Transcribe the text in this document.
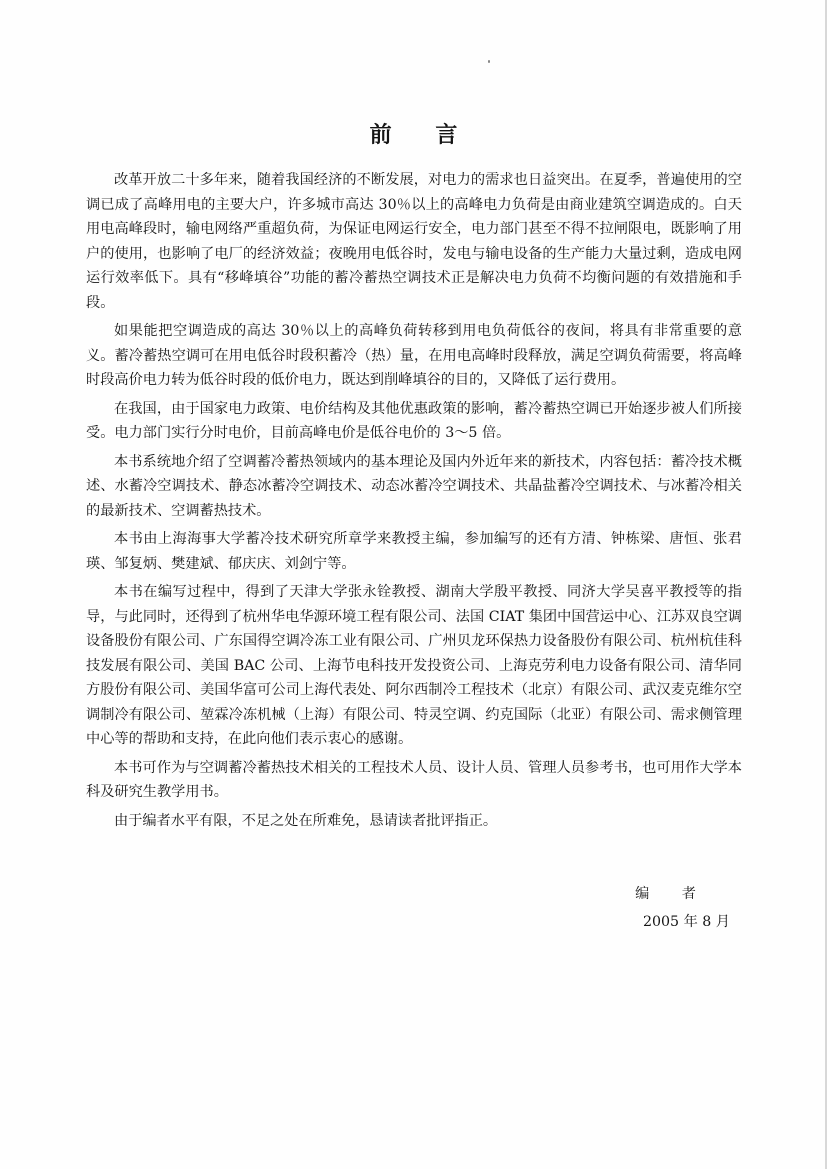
前 言

改革开放二十多年来，随着我国经济的不断发展，对电力的需求也日益突出。在夏季，普遍使用的空调已成了高峰用电的主要大户，许多城市高达 30％以上的高峰电力负荷是由商业建筑空调造成的。白天用电高峰段时，输电网络严重超负荷，为保证电网运行安全，电力部门甚至不得不拉闸限电，既影响了用户的使用，也影响了电厂的经济效益；夜晚用电低谷时，发电与输电设备的生产能力大量过剩，造成电网运行效率低下。具有“移峰填谷”功能的蓄冷蓄热空调技术正是解决电力负荷不均衡问题的有效措施和手段。

如果能把空调造成的高达 30％以上的高峰负荷转移到用电负荷低谷的夜间，将具有非常重要的意义。蓄冷蓄热空调可在用电低谷时段积蓄冷（热）量，在用电高峰时段释放，满足空调负荷需要，将高峰时段高价电力转为低谷时段的低价电力，既达到削峰填谷的目的，又降低了运行费用。

在我国，由于国家电力政策、电价结构及其他优惠政策的影响，蓄冷蓄热空调已开始逐步被人们所接受。电力部门实行分时电价，目前高峰电价是低谷电价的 3～5 倍。

本书系统地介绍了空调蓄冷蓄热领域内的基本理论及国内外近年来的新技术，内容包括：蓄冷技术概述、水蓄冷空调技术、静态冰蓄冷空调技术、动态冰蓄冷空调技术、共晶盐蓄冷空调技术、与冰蓄冷相关的最新技术、空调蓄热技术。

本书由上海海事大学蓄冷技术研究所章学来教授主编，参加编写的还有方清、钟栋梁、唐恒、张君瑛、邹复炳、樊建斌、郁庆庆、刘剑宁等。

本书在编写过程中，得到了天津大学张永铨教授、湖南大学殷平教授、同济大学吴喜平教授等的指导，与此同时，还得到了杭州华电华源环境工程有限公司、法国 CIAT 集团中国营运中心、江苏双良空调设备股份有限公司、广东国得空调冷冻工业有限公司、广州贝龙环保热力设备股份有限公司、杭州杭佳科技发展有限公司、美国 BAC 公司、上海节电科技开发投资公司、上海克劳利电力设备有限公司、清华同方股份有限公司、美国华富可公司上海代表处、阿尔西制冷工程技术（北京）有限公司、武汉麦克维尔空调制冷有限公司、堃霖冷冻机械（上海）有限公司、特灵空调、约克国际（北亚）有限公司、需求侧管理中心等的帮助和支持，在此向他们表示衷心的感谢。

本书可作为与空调蓄冷蓄热技术相关的工程技术人员、设计人员、管理人员参考书，也可用作大学本科及研究生教学用书。

由于编者水平有限，不足之处在所难免，恳请读者批评指正。

编 者
2005 年 8 月
